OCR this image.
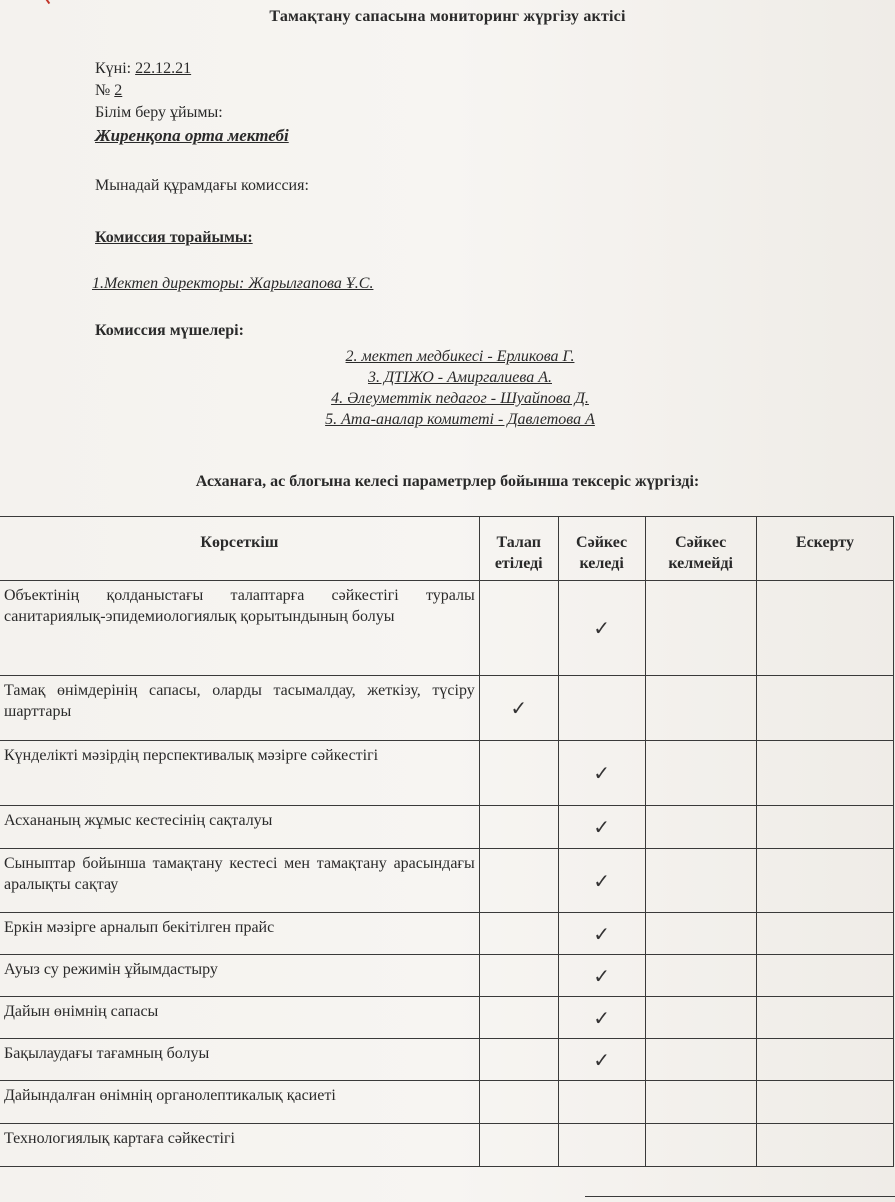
Тамақтану сапасына мониторинг жүргізу актісі
Күні: 22.12.21
№ 2
Білім беру ұйымы:
Жиренқопа орта мектебі
Мынадай құрамдағы комиссия:
Комиссия торайымы:
1.Мектеп директоры: Жарылғапова Ұ.С.
Комиссия мүшелері:
2. мектеп медбикесі - Ерликова Г.
3. ДТІЖО - Амиргалиева А.
4. Әлеуметтік педагог - Шуайпова Д.
5. Ата-аналар комитеті - Давлетова А
Асханаға, ас блогына келесі параметрлер бойынша тексеріс жүргізді:
Көрсеткіш	Талап етіледі	Сәйкес келеді	Сәйкес келмейді	Ескерту
Объектінің қолданыстағы талаптарға сәйкестігі туралы санитариялық-эпидемиологиялық қорытындының болуы		✓		
Тамақ өнімдерінің сапасы, оларды тасымалдау, жеткізу, түсіру шарттары	✓			
Күнделікті мәзірдің перспективалық мәзірге сәйкестігі		✓		
Асхананың жұмыс кестесінің сақталуы		✓		
Сыныптар бойынша тамақтану кестесі мен тамақтану арасындағы аралықты сақтау		✓		
Еркін мәзірге арналып бекітілген прайс		✓		
Ауыз су режимін ұйымдастыру		✓		
Дайын өнімнің сапасы		✓		
Бақылаудағы тағамның болуы		✓		
Дайындалған өнімнің органолептикалық қасиеті				
Технологиялық картаға сәйкестігі				
